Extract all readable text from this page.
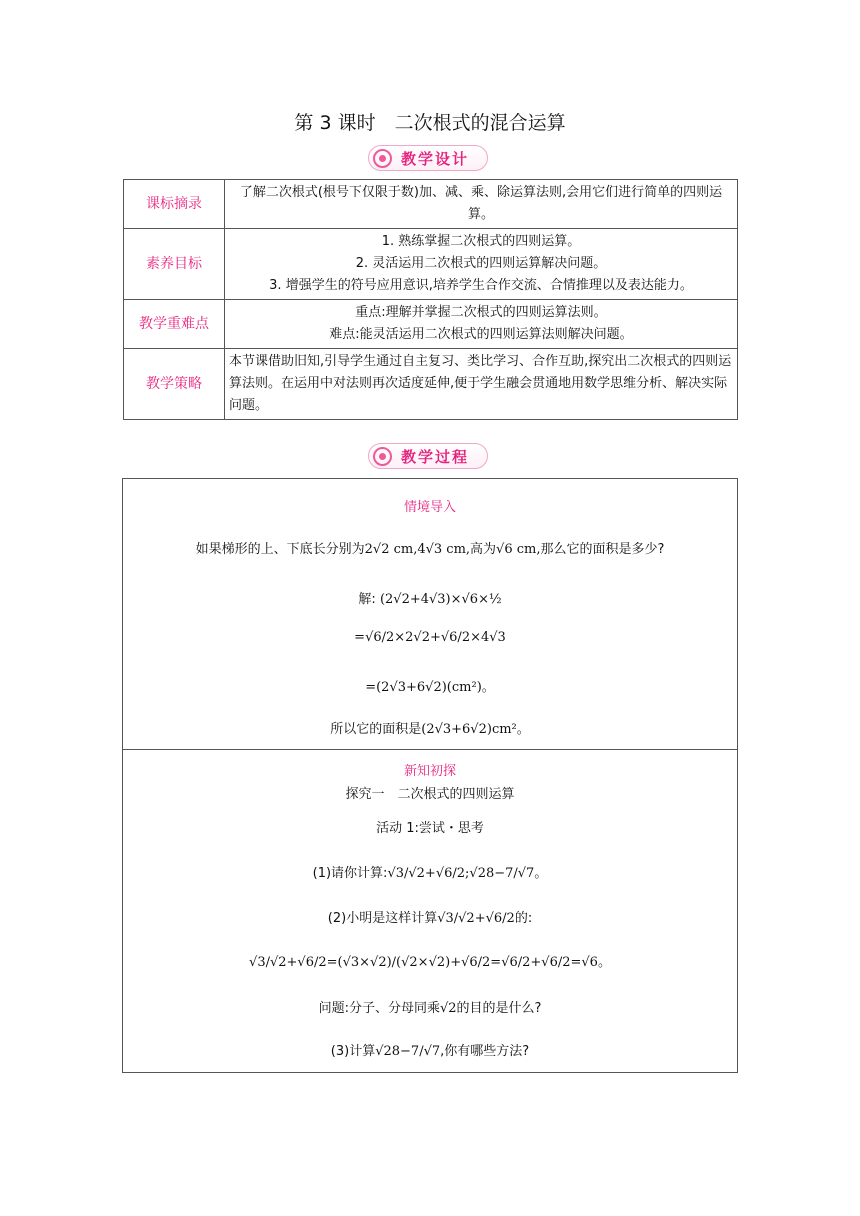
第 3 课时　二次根式的混合运算
教学设计
课标摘录	了解二次根式(根号下仅限于数)加、减、乘、除运算法则,会用它们进行简单的四则运算。
素养目标	1. 熟练掌握二次根式的四则运算。
2. 灵活运用二次根式的四则运算解决问题。
3. 增强学生的符号应用意识,培养学生合作交流、合情推理以及表达能力。

教学重难点	重点:理解并掌握二次根式的四则运算法则。
难点:能灵活运用二次根式的四则运算法则解决问题。

教学策略	本节课借助旧知,引导学生通过自主复习、类比学习、合作互助,探究出二次根式的四则运算法则。在运用中对法则再次适度延伸,便于学生融会贯通地用数学思维分析、解决实际问题。
教学过程
情境导入
如果梯形的上、下底长分别为2√2 cm,4√3 cm,高为√6 cm,那么它的面积是多少?
解: (2√2+4√3)×√6×½
=√6/2×2√2+√6/2×4√3
=(2√3+6√2)(cm²)。
所以它的面积是(2√3+6√2)cm²。
新知初探
探究一　二次根式的四则运算
活动 1:尝试・思考
(1)请你计算:√3/√2+√6/2;√28−7/√7。
(2)小明是这样计算√3/√2+√6/2的:
√3/√2+√6/2=(√3×√2)/(√2×√2)+√6/2=√6/2+√6/2=√6。
问题:分子、分母同乘√2的目的是什么?
(3)计算√28−7/√7,你有哪些方法?
